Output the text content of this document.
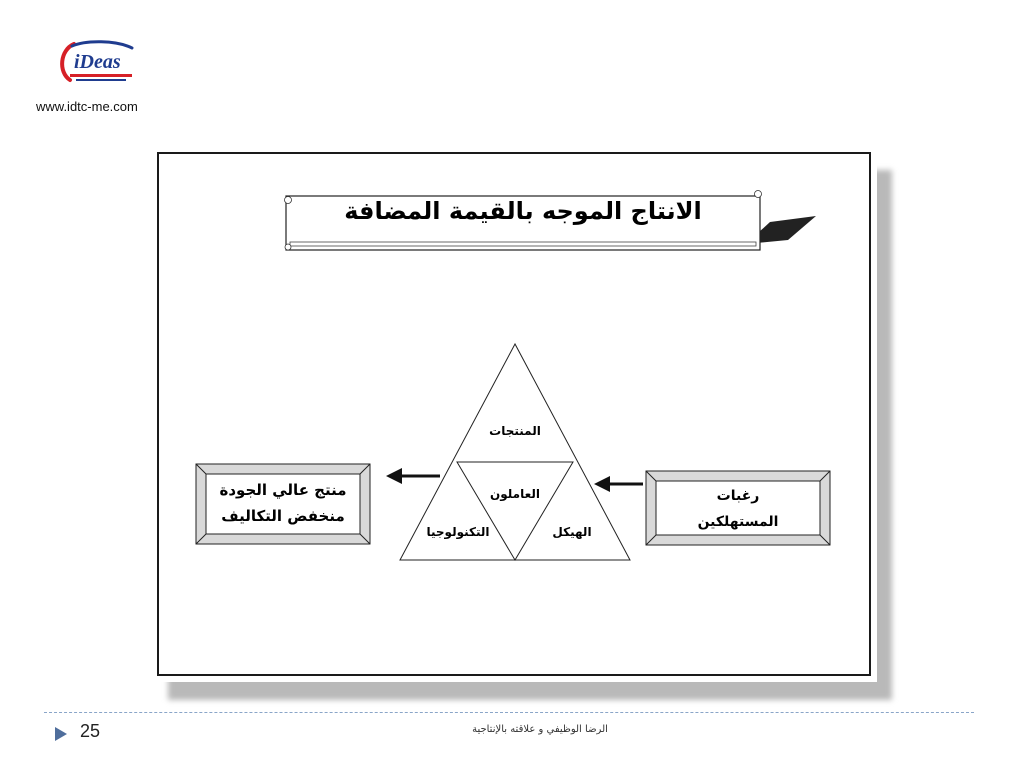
iDeas
www.idtc-me.com
الانتاج الموجه بالقيمة المضافة
منتج عالي الجودة
منخفض التكاليف
رغبات
المستهلكين
المنتجات
العاملون
التكنولوجيا	الهيكل
25	الرضا الوظيفي و علاقته بالإنتاجية
